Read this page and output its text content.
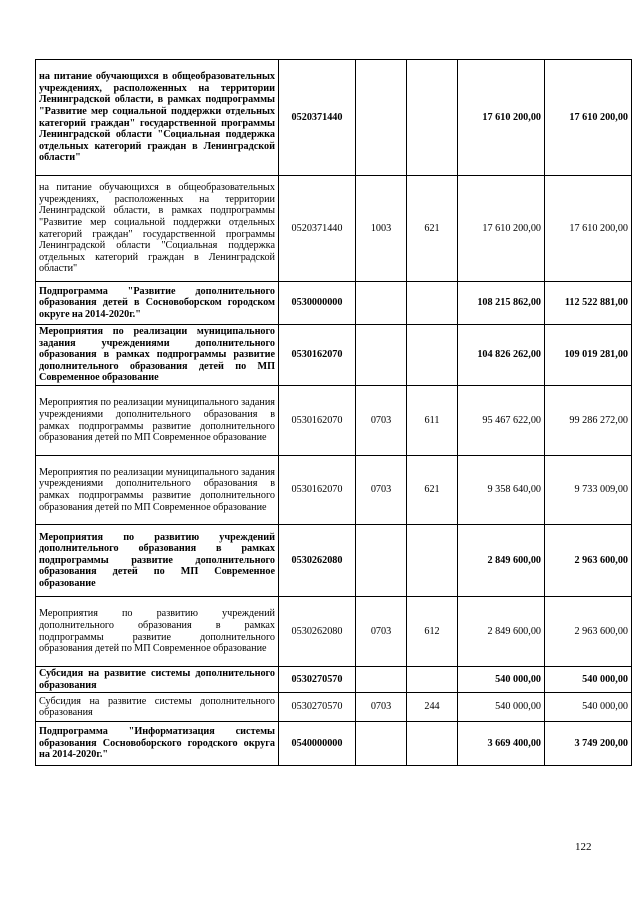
на питание обучающихся в общеобразовательных учреждениях, расположенных на территории Ленинградской области, в рамках подпрограммы "Развитие мер социальной поддержки отдельных категорий граждан" государственной программы Ленинградской области "Социальная поддержка отдельных категорий граждан в Ленинградской области"	0520371440			17 610 200,00	17 610 200,00
на питание обучающихся в общеобразовательных учреждениях, расположенных на территории Ленинградской области, в рамках подпрограммы "Развитие мер социальной поддержки отдельных категорий граждан" государственной программы Ленинградской области "Социальная поддержка отдельных категорий граждан в Ленинградской области"	0520371440	1003	621	17 610 200,00	17 610 200,00
Подпрограмма "Развитие дополнительного образования детей в Сосновоборском городском округе на 2014-2020г."	0530000000			108 215 862,00	112 522 881,00
Мероприятия по реализации муниципального задания учреждениями дополнительного образования в рамках подпрограммы развитие дополнительного образования детей по МП Современное образование	0530162070			104 826 262,00	109 019 281,00
Мероприятия по реализации муниципального задания учреждениями дополнительного образования в рамках подпрограммы развитие дополнительного образования детей по МП Современное образование	0530162070	0703	611	95 467 622,00	99 286 272,00
Мероприятия по реализации муниципального задания учреждениями дополнительного образования в рамках подпрограммы развитие дополнительного образования детей по МП Современное образование	0530162070	0703	621	9 358 640,00	9 733 009,00
Мероприятия по развитию учреждений дополнительного образования в рамках подпрограммы развитие дополнительного образования детей по МП Современное образование	0530262080			2 849 600,00	2 963 600,00
Мероприятия по развитию учреждений дополнительного образования в рамках подпрограммы развитие дополнительного образования детей по МП Современное образование	0530262080	0703	612	2 849 600,00	2 963 600,00
Субсидия на развитие системы дополнительного образования	0530270570			540 000,00	540 000,00
Субсидия на развитие системы дополнительного образования	0530270570	0703	244	540 000,00	540 000,00
Подпрограмма "Информатизация системы образования Сосновоборского городского округа на 2014-2020г."	0540000000			3 669 400,00	3 749 200,00
122
